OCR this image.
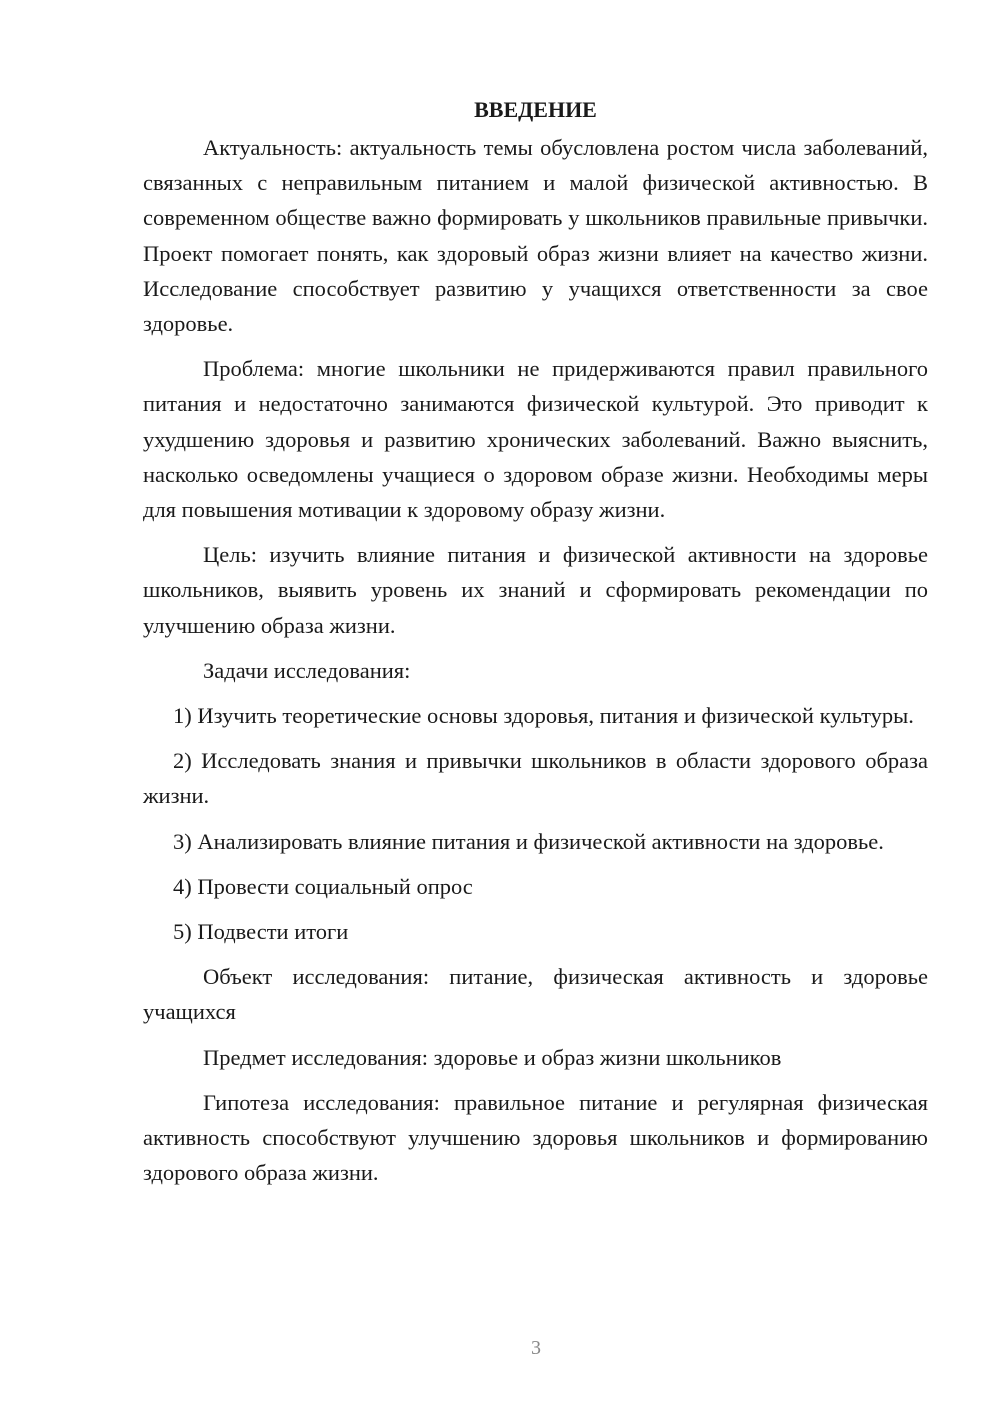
ВВЕДЕНИЕ

Актуальность: актуальность темы обусловлена ростом числа заболеваний, связанных с неправильным питанием и малой физической активностью. В современном обществе важно формировать у школьников правильные привычки. Проект помогает понять, как здоровый образ жизни влияет на качество жизни. Исследование способствует развитию у учащихся ответственности за свое здоровье.

Проблема: многие школьники не придерживаются правил правильного питания и недостаточно занимаются физической культурой. Это приводит к ухудшению здоровья и развитию хронических заболеваний. Важно выяснить, насколько осведомлены учащиеся о здоровом образе жизни. Необходимы меры для повышения мотивации к здоровому образу жизни.

Цель: изучить влияние питания и физической активности на здоровье школьников, выявить уровень их знаний и сформировать рекомендации по улучшению образа жизни.

Задачи исследования:

1) Изучить теоретические основы здоровья, питания и физической культуры.

2) Исследовать знания и привычки школьников в области здорового образа жизни.

3) Анализировать влияние питания и физической активности на здоровье.

4) Провести социальный опрос

5) Подвести итоги

Объект исследования: питание, физическая активность и здоровье учащихся

Предмет исследования: здоровье и образ жизни школьников

Гипотеза исследования: правильное питание и регулярная физическая активность способствуют улучшению здоровья школьников и формированию здорового образа жизни.

3
